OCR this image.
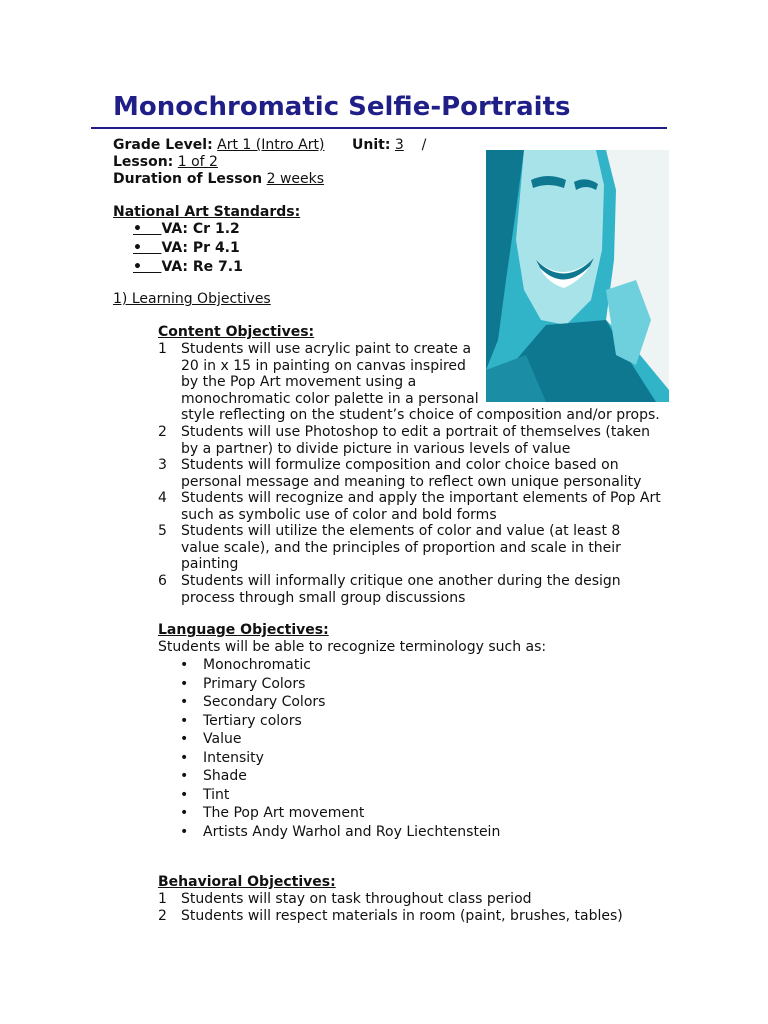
Monochromatic Selfie-Portraits
Grade Level: Art 1 (Intro Art) Unit: 3 /
Lesson: 1 of 2
Duration of Lesson 2 weeks
National Art Standards:
•    VA: Cr 1.2
•    VA: Pr 4.1
•    VA: Re 7.1
1) Learning Objectives
Content Objectives:
1 Students will use acrylic paint to create a
20 in x 15 in painting on canvas inspired
by the Pop Art movement using a
monochromatic color palette in a personal
style reflecting on the student’s choice of composition and/or props.
2 Students will use Photoshop to edit a portrait of themselves (taken
by a partner) to divide picture in various levels of value
3 Students will formulize composition and color choice based on
personal message and meaning to reflect own unique personality
4 Students will recognize and apply the important elements of Pop Art
such as symbolic use of color and bold forms
5 Students will utilize the elements of color and value (at least 8
value scale), and the principles of proportion and scale in their
painting
6 Students will informally critique one another during the design
process through small group discussions
Language Objectives:
Students will be able to recognize terminology such as:
• Monochromatic
• Primary Colors
• Secondary Colors
• Tertiary colors
• Value
• Intensity
• Shade
• Tint
• The Pop Art movement
• Artists Andy Warhol and Roy Liechtenstein
Behavioral Objectives:
1 Students will stay on task throughout class period
2 Students will respect materials in room (paint, brushes, tables)
